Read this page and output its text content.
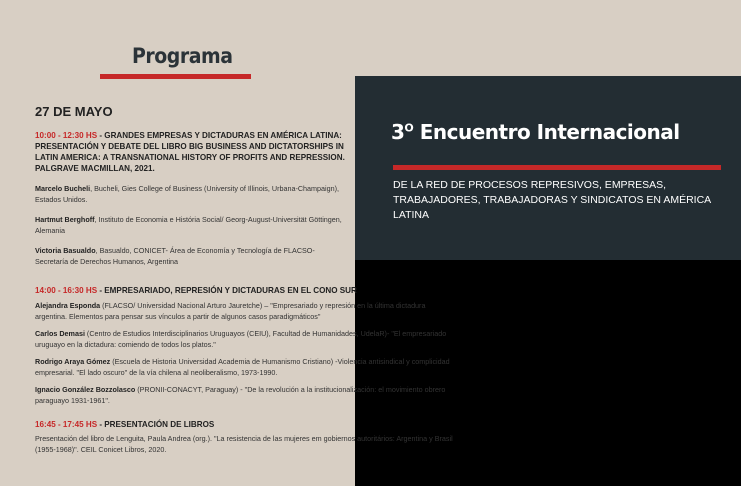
$3^O$ Encuentro Internacional

DE LA RED DE PROCESOS REPRESIVOS, EMPRESAS, TRABAJADORES, TRABAJADORAS Y SINDICATOS EN AMÉRICA LATINA

Programa

27 DE MAYO

10:00 - 12:30 HS - GRANDES EMPRESAS Y DICTADURAS EN AMÉRICA LATINA: PRESENTACIÓN Y DEBATE DEL LIBRO BIG BUSINESS AND DICTATORSHIPS IN LATIN AMERICA: A TRANSNATIONAL HISTORY OF PROFITS AND REPRESSION. PALGRAVE MACMILLAN, 2021.

Marcelo Bucheli, Bucheli, Gies College of Business (University of Illinois, Urbana-Champaign), Estados Unidos.

Hartmut Berghoff, Instituto de Economia e História Social/ Georg-August-Universität Göttingen, Alemania

Victoria Basualdo, Basualdo, CONICET- Área de Economía y Tecnología de FLACSO- Secretaría de Derechos Humanos, Argentina

14:00 - 16:30 HS - EMPRESARIADO, REPRESIÓN Y DICTADURAS EN EL CONO SUR

Alejandra Esponda (FLACSO/ Universidad Nacional Arturo Jauretche) – "Empresariado y represión en la última dictadura argentina. Elementos para pensar sus vínculos a partir de algunos casos paradigmáticos"

Carlos Demasi (Centro de Estudios Interdisciplinarios Uruguayos (CEIU), Facultad de Humanidades, UdelaR)- "El empresariado uruguayo en la dictadura: comiendo de todos los platos."

Rodrigo Araya Gómez (Escuela de Historia Universidad Academia de Humanismo Cristiano) -Violencia antisindical y complicidad empresarial. "El lado oscuro" de la vía chilena al neoliberalismo, 1973-1990.

Ignacio González Bozzolasco (PRONII-CONACYT, Paraguay) - "De la revolución a la institucionalización: el movimiento obrero paraguayo 1931-1961".

16:45 - 17:45 HS - PRESENTACIÓN DE LIBROS

Presentación del libro de Lenguita, Paula Andrea (org.). "La resistencia de las mujeres em gobiernos autoritários: Argentina y Brasil (1955-1968)". CEIL Conicet Libros, 2020.
